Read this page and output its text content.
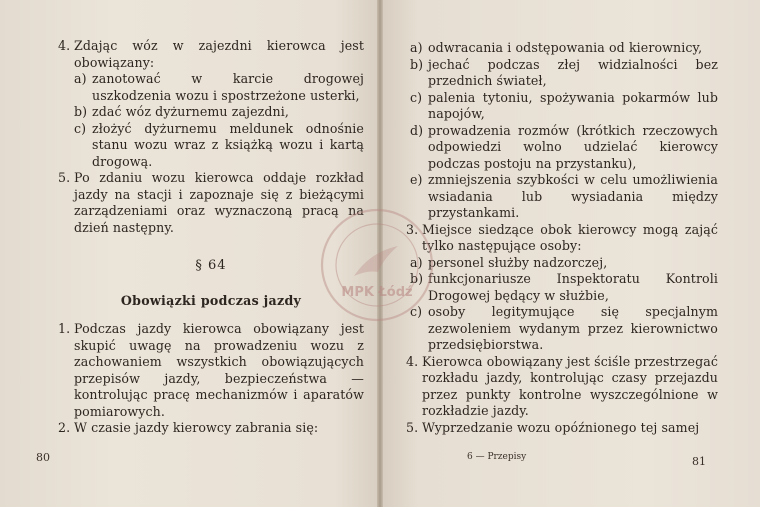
4. Zdając wóz w zajezdni kierowca jest obowiązany:
a) zanotować w karcie drogowej uszkodzenia wozu i spostrzeżone usterki,
b) zdać wóz dyżurnemu zajezdni,
c) złożyć dyżurnemu meldunek odnośnie stanu wozu wraz z książką wozu i kartą drogową.
5. Po zdaniu wozu kierowca oddaje rozkład jazdy na stacji i zapoznaje się z bieżącymi zarządzeniami oraz wyznaczoną pracą na dzień następny.
§ 64
Obowiązki podczas jazdy
1. Podczas jazdy kierowca obowiązany jest skupić uwagę na prowadzeniu wozu z zachowaniem wszystkich obowiązujących przepisów jazdy, bezpieczeństwa — kontrolując pracę mechanizmów i aparatów pomiarowych.
2. W czasie jazdy kierowcy zabrania się:
80
a) odwracania i odstępowania od kierownicy,
b) jechać podczas złej widzialności bez przednich świateł,
c) palenia tytoniu, spożywania pokarmów lub napojów,
d) prowadzenia rozmów (krótkich rzeczowych odpowiedzi wolno udzielać kierowcy podczas postoju na przystanku),
e) zmniejszenia szybkości w celu umożliwienia wsiadania lub wysiadania między przystankami.
3. Miejsce siedzące obok kierowcy mogą zająć tylko następujące osoby:
a) personel służby nadzorczej,
b) funkcjonariusze Inspektoratu Kontroli Drogowej będący w służbie,
c) osoby legitymujące się specjalnym zezwoleniem wydanym przez kierownictwo przedsiębiorstwa.
4. Kierowca obowiązany jest ściśle przestrzegać rozkładu jazdy, kontrolując czasy przejazdu przez punkty kontrolne wyszczególnione w rozkładzie jazdy.
5. Wyprzedzanie wozu opóźnionego tej samej
6 — Przepisy	81
MPK Łódź
